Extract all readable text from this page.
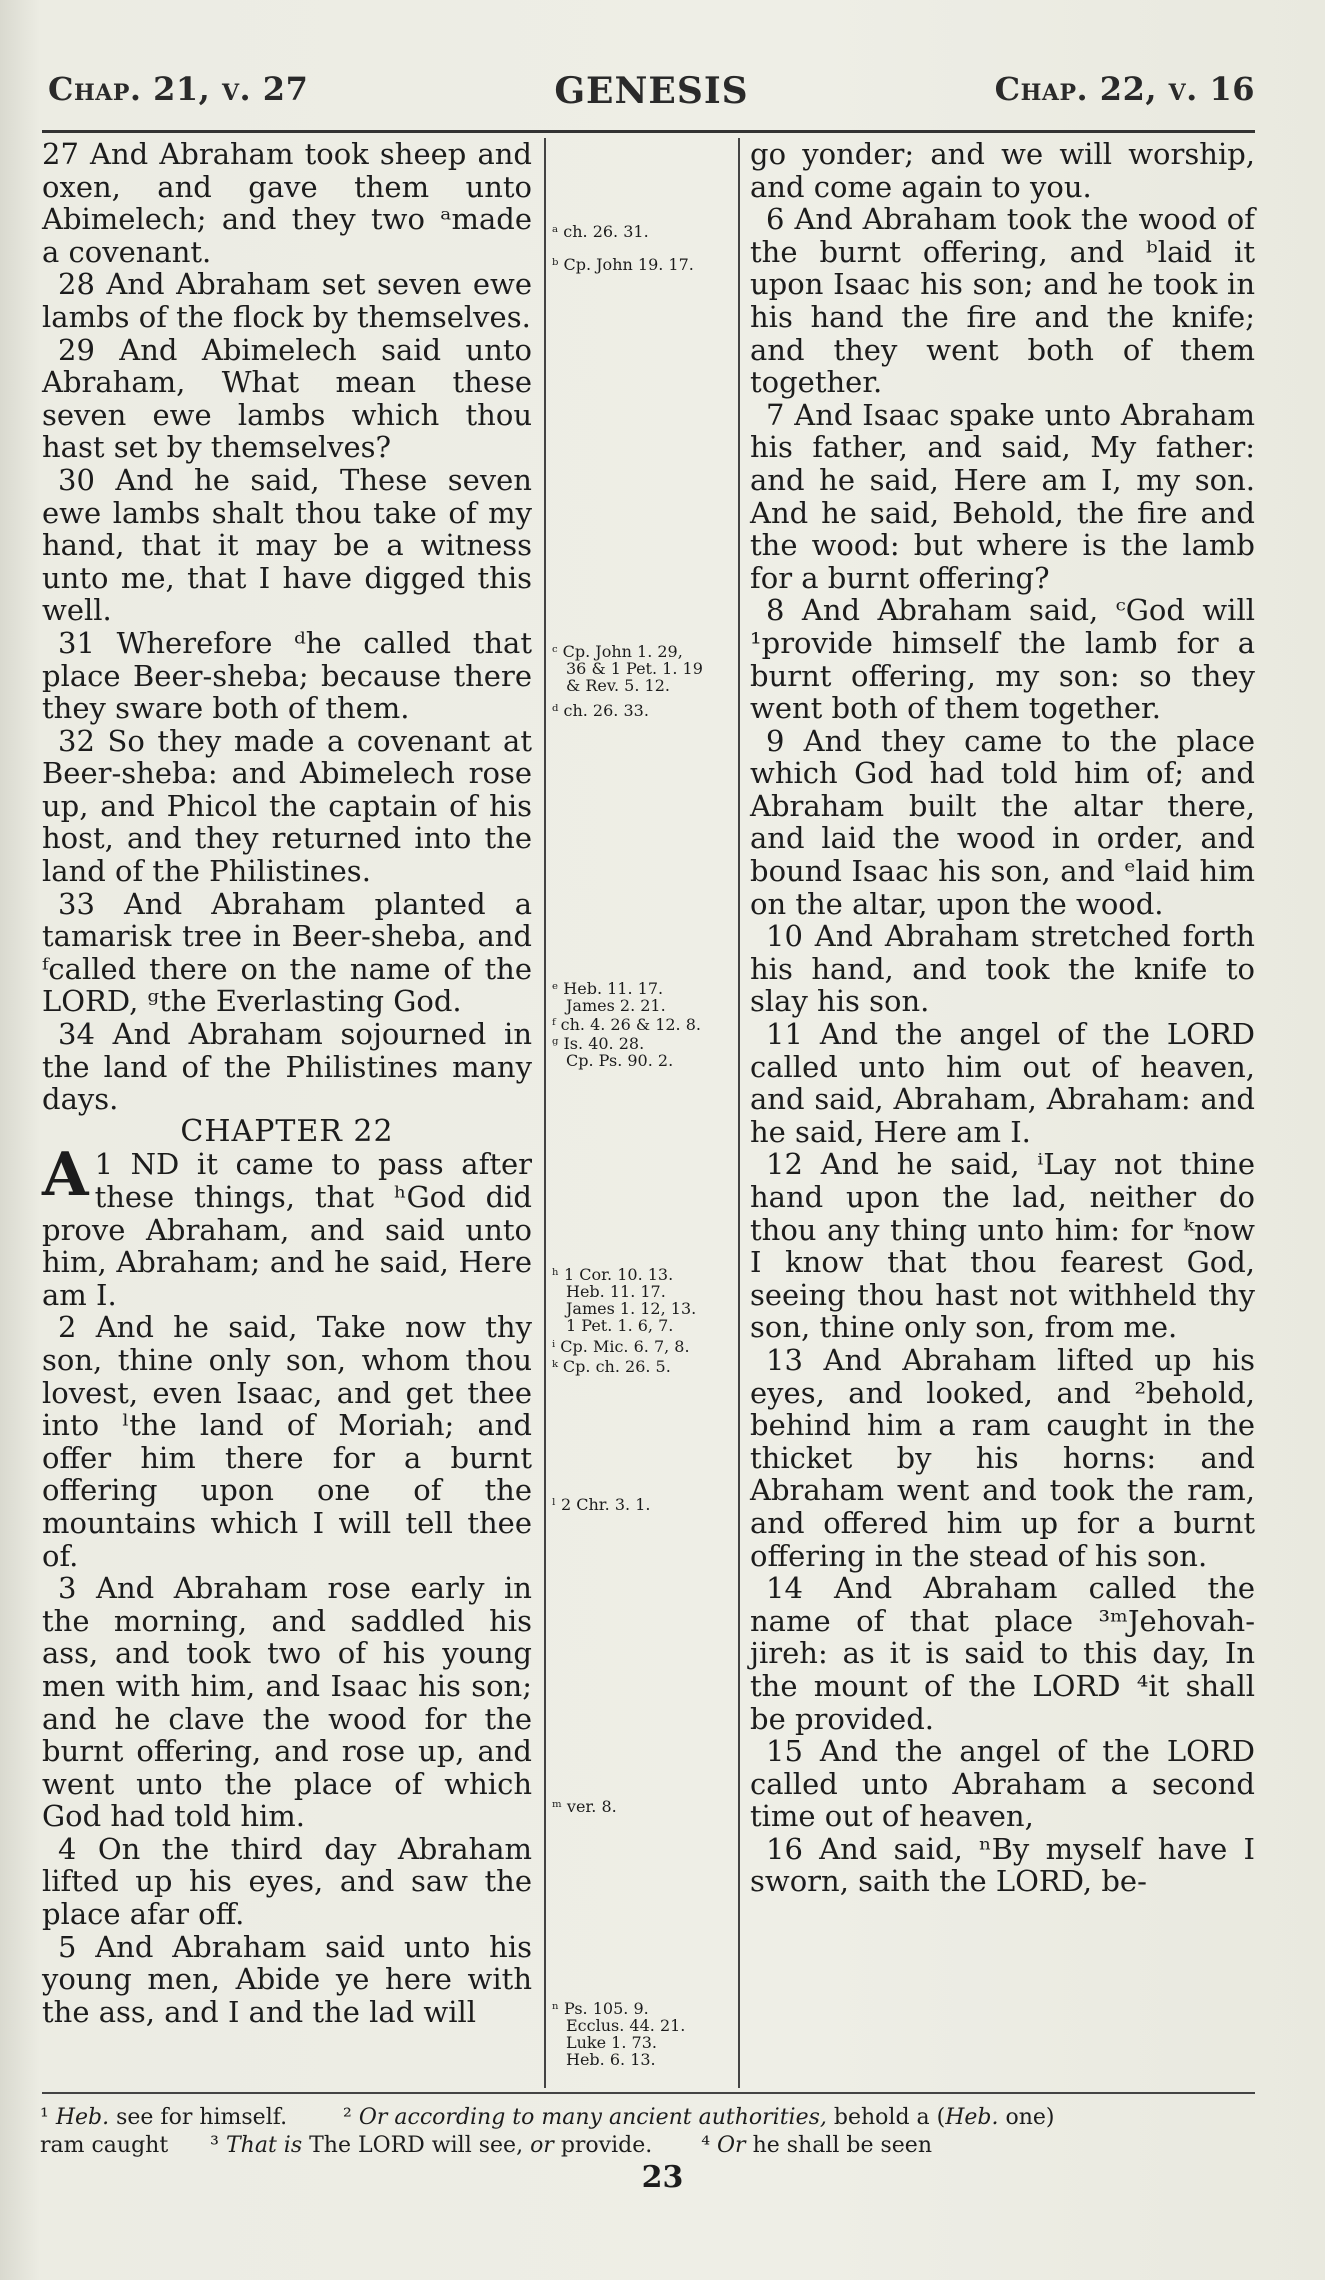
Chap. 21, v. 27	GENESIS	Chap. 22, v. 16

27 And Abraham took sheep and oxen, and gave them unto Abimelech; and they two ᵃmade a covenant.

28 And Abraham set seven ewe lambs of the flock by themselves.

29 And Abimelech said unto Abraham, What mean these seven ewe lambs which thou hast set by themselves?

30 And he said, These seven ewe lambs shalt thou take of my hand, that it may be a witness unto me, that I have digged this well.

31 Wherefore ᵈhe called that place Beer-sheba; because there they sware both of them.

32 So they made a covenant at Beer-sheba: and Abimelech rose up, and Phicol the captain of his host, and they returned into the land of the Philistines.

33 And Abraham planted a tamarisk tree in Beer-sheba, and ᶠcalled there on the name of the LORD, ᵍthe Everlasting God.

34 And Abraham sojourned in the land of the Philistines many days.

CHAPTER 22

1
A ND it came to pass after these things, that ʰGod did prove Abraham, and said unto him, Abraham; and he said, Here am I.

2 And he said, Take now thy son, thine only son, whom thou lovest, even Isaac, and get thee into ˡthe land of Moriah; and offer him there for a burnt offering upon one of the mountains which I will tell thee of.

3 And Abraham rose early in the morning, and saddled his ass, and took two of his young men with him, and Isaac his son; and he clave the wood for the burnt offering, and rose up, and went unto the place of which God had told him.

4 On the third day Abraham lifted up his eyes, and saw the place afar off.

5 And Abraham said unto his young men, Abide ye here with the ass, and I and the lad will

ᵃ ch. 26. 31.
ᵇ Cp. John 19. 17.
ᶜ Cp. John 1. 29,
36 & 1 Pet. 1. 19
& Rev. 5. 12.
ᵈ ch. 26. 33.
ᵉ Heb. 11. 17.
James 2. 21.
ᶠ ch. 4. 26 & 12. 8.
ᵍ Is. 40. 28.
Cp. Ps. 90. 2.
ʰ 1 Cor. 10. 13.
Heb. 11. 17.
James 1. 12, 13.
1 Pet. 1. 6, 7.
ⁱ Cp. Mic. 6. 7, 8.
ᵏ Cp. ch. 26. 5.
ˡ 2 Chr. 3. 1.
ᵐ ver. 8.
ⁿ Ps. 105. 9.
Ecclus. 44. 21.
Luke 1. 73.
Heb. 6. 13.

go yonder; and we will worship, and come again to you.

6 And Abraham took the wood of the burnt offering, and ᵇlaid it upon Isaac his son; and he took in his hand the fire and the knife; and they went both of them together.

7 And Isaac spake unto Abraham his father, and said, My father: and he said, Here am I, my son. And he said, Behold, the fire and the wood: but where is the lamb for a burnt offering?

8 And Abraham said, ᶜGod will ¹provide himself the lamb for a burnt offering, my son: so they went both of them together.

9 And they came to the place which God had told him of; and Abraham built the altar there, and laid the wood in order, and bound Isaac his son, and ᵉlaid him on the altar, upon the wood.

10 And Abraham stretched forth his hand, and took the knife to slay his son.

11 And the angel of the LORD called unto him out of heaven, and said, Abraham, Abraham: and he said, Here am I.

12 And he said, ⁱLay not thine hand upon the lad, neither do thou any thing unto him: for ᵏnow I know that thou fearest God, seeing thou hast not withheld thy son, thine only son, from me.

13 And Abraham lifted up his eyes, and looked, and ²behold, behind him a ram caught in the thicket by his horns: and Abraham went and took the ram, and offered him up for a burnt offering in the stead of his son.

14 And Abraham called the name of that place ³ᵐJehovah-jireh: as it is said to this day, In the mount of the LORD ⁴it shall be provided.

15 And the angel of the LORD called unto Abraham a second time out of heaven,

16 And said, ⁿBy myself have I sworn, saith the LORD, be-

¹ Heb. see for himself.	² Or according to many ancient authorities, behold a (Heb. one)
ram caught ³ That is The LORD will see, or provide. ⁴ Or he shall be seen
23
